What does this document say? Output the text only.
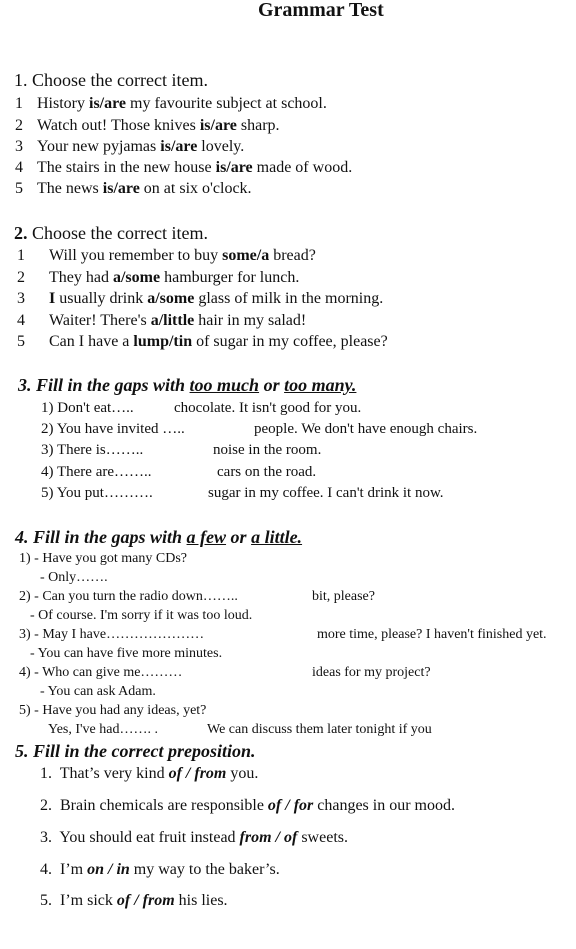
Grammar Test
1. Choose the correct item.
1 History is/are my favourite subject at school.
2 Watch out! Those knives is/are sharp.
3 Your new pyjamas is/are lovely.
4 The stairs in the new house is/are made of wood.
5 The news is/are on at six o'clock.
2. Choose the correct item.
1 Will you remember to buy some/a bread?
2 They had a/some hamburger for lunch.
3 I usually drink a/some glass of milk in the morning.
4 Waiter! There's a/little hair in my salad!
5 Can I have a lump/tin of sugar in my coffee, please?
3. Fill in the gaps with too much or too many.
1) Don't eat…..	chocolate. It isn't good for you.
2) You have invited …..	people. We don't have enough chairs.
3) There is……..	noise in the room.
4) There are……..	cars on the road.
5) You put……….	sugar in my coffee. I can't drink it now.
4. Fill in the gaps with a few or a little.
1) - Have you got many CDs?
- Only…….
2) - Can you turn the radio down……..	bit, please?
- Of course. I'm sorry if it was too loud.
3) - May I have…………………	more time, please? I haven't finished yet.
- You can have five more minutes.
4) - Who can give me………	ideas for my project?
- You can ask Adam.
5) - Have you had any ideas, yet?
Yes, I've had……. .	We can discuss them later tonight if you
5. Fill in the correct preposition.
1. That’s very kind of / from you.
2. Brain chemicals are responsible of / for changes in our mood.
3. You should eat fruit instead from / of sweets.
4. I’m on / in my way to the baker’s.
5. I’m sick of / from his lies.
